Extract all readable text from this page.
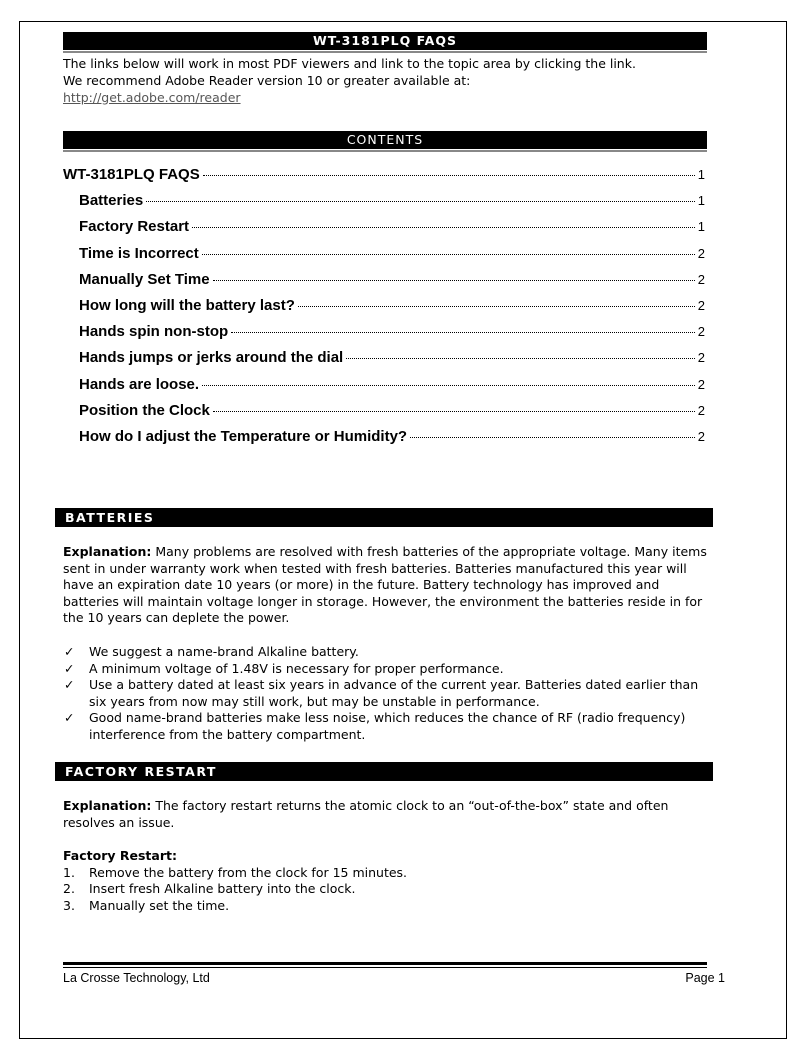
WT-3181PLQ FAQS
The links below will work in most PDF viewers and link to the topic area by clicking the link.
We recommend Adobe Reader version 10 or greater available at:
http://get.adobe.com/reader
CONTENTS
WT-3181PLQ FAQS	1
Batteries	1
Factory Restart	1
Time is Incorrect	2
Manually Set Time	2
How long will the battery last?	2
Hands spin non-stop	2
Hands jumps or jerks around the dial	2
Hands are loose.	2
Position the Clock	2
How do I adjust the Temperature or Humidity?	2
BATTERIES
Explanation: Many problems are resolved with fresh batteries of the appropriate voltage. Many items sent in under warranty work when tested with fresh batteries. Batteries manufactured this year will have an expiration date 10 years (or more) in the future. Battery technology has improved and batteries will maintain voltage longer in storage. However, the environment the batteries reside in for the 10 years can deplete the power.
✓ We suggest a name-brand Alkaline battery.
✓ A minimum voltage of 1.48V is necessary for proper performance.
✓ Use a battery dated at least six years in advance of the current year. Batteries dated earlier than six years from now may still work, but may be unstable in performance.
✓ Good name-brand batteries make less noise, which reduces the chance of RF (radio frequency) interference from the battery compartment.
FACTORY RESTART
Explanation: The factory restart returns the atomic clock to an “out-of-the-box” state and often resolves an issue.
Factory Restart:
1. Remove the battery from the clock for 15 minutes.
2. Insert fresh Alkaline battery into the clock.
3. Manually set the time.
La Crosse Technology, Ltd	Page 1
